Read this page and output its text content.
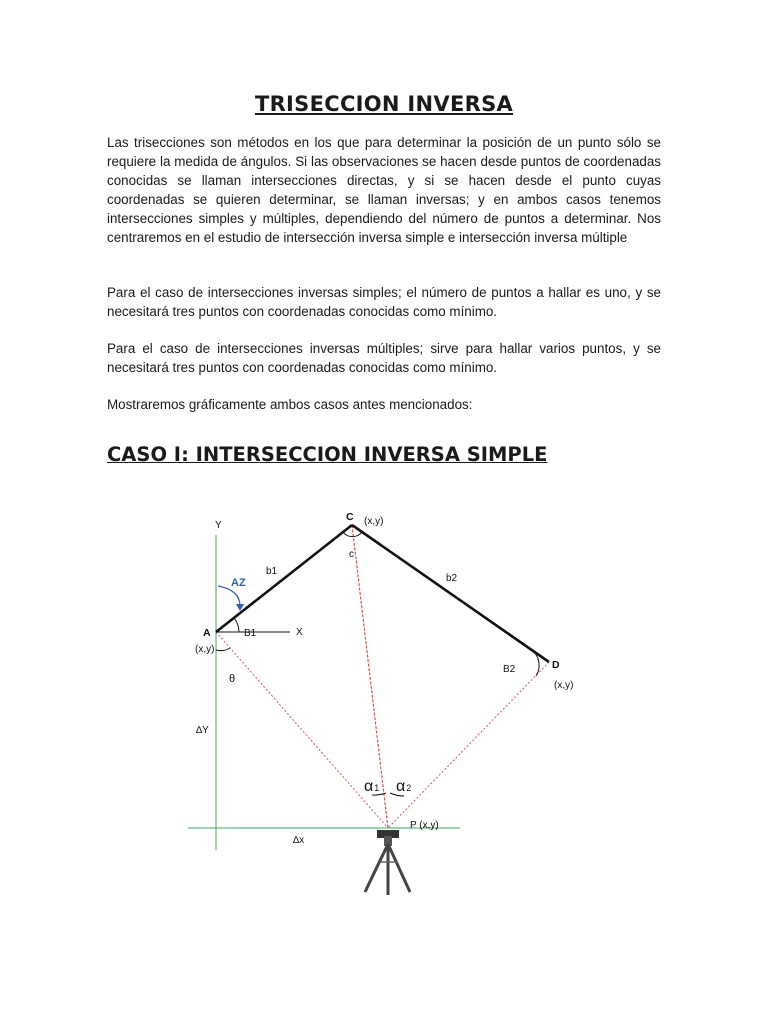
TRISECCION INVERSA

Las trisecciones son métodos en los que para determinar la posición de un punto sólo se requiere la medida de ángulos. Si las observaciones se hacen desde puntos de coordenadas conocidas se llaman intersecciones directas, y si se hacen desde el punto cuyas coordenadas se quieren determinar, se llaman inversas; y en ambos casos tenemos intersecciones simples y múltiples, dependiendo del número de puntos a determinar. Nos centraremos en el estudio de intersección inversa simple e intersección inversa múltiple

Para el caso de intersecciones inversas simples; el número de puntos a hallar es uno, y se necesitará tres puntos con coordenadas conocidas como mínimo.

Para el caso de intersecciones inversas múltiples; sirve para hallar varios puntos, y se necesitará tres puntos con coordenadas conocidas como mínimo.

Mostraremos gráficamente ambos casos antes mencionados:

CASO I: INTERSECCION INVERSA SIMPLE
Y
X
C (x,y)
c
b1
b2
AZ
A	B1
(x,y)
θ
D
B2
(x,y)
∆Y
∆x
α1 α2
P (x,y)
